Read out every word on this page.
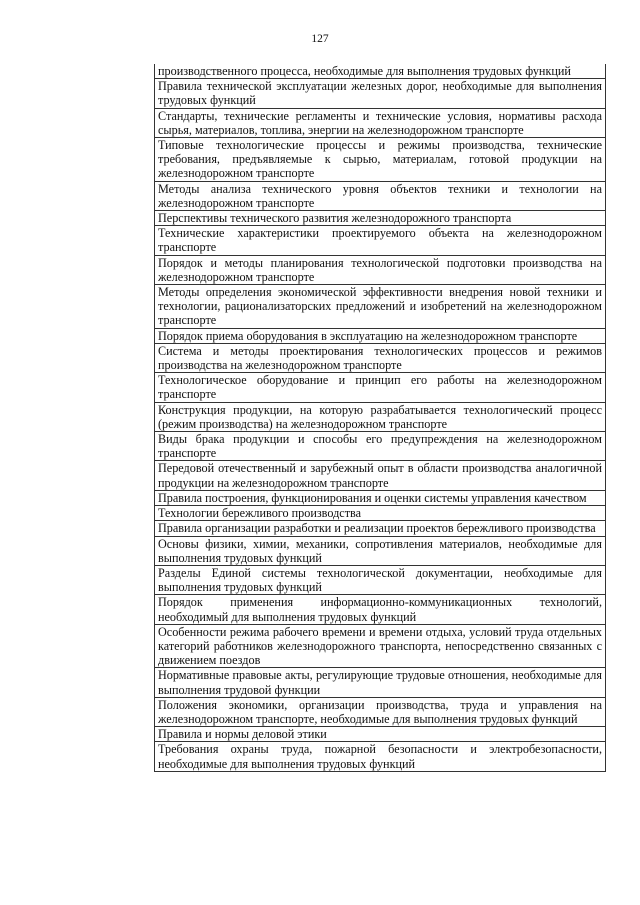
127
	производственного процесса, необходимые для выполнения трудовых функций
Правила технической эксплуатации железных дорог, необходимые для выполнения трудовых функций
Стандарты, технические регламенты и технические условия, нормативы расхода сырья, материалов, топлива, энергии на железнодорожном транспорте
Типовые технологические процессы и режимы производства, технические требования, предъявляемые к сырью, материалам, готовой продукции на железнодорожном транспорте
Методы анализа технического уровня объектов техники и технологии на железнодорожном транспорте
Перспективы технического развития железнодорожного транспорта
Технические характеристики проектируемого объекта на железнодорожном транспорте
Порядок и методы планирования технологической подготовки производства на железнодорожном транспорте
Методы определения экономической эффективности внедрения новой техники и технологии, рационализаторских предложений и изобретений на железнодорожном транспорте
Порядок приема оборудования в эксплуатацию на железнодорожном транспорте
Система и методы проектирования технологических процессов и режимов производства на железнодорожном транспорте
Технологическое оборудование и принцип его работы на железнодорожном транспорте
Конструкция продукции, на которую разрабатывается технологический процесс (режим производства) на железнодорожном транспорте
Виды брака продукции и способы его предупреждения на железнодорожном транспорте
Передовой отечественный и зарубежный опыт в области производства аналогичной продукции на железнодорожном транспорте
Правила построения, функционирования и оценки системы управления качеством
Технологии бережливого производства
Правила организации разработки и реализации проектов бережливого производства
Основы физики, химии, механики, сопротивления материалов, необходимые для выполнения трудовых функций
Разделы Единой системы технологической документации, необходимые для выполнения трудовых функций
Порядок применения информационно-коммуникационных технологий, необходимый для выполнения трудовых функций
Особенности режима рабочего времени и времени отдыха, условий труда отдельных категорий работников железнодорожного транспорта, непосредственно связанных с движением поездов
Нормативные правовые акты, регулирующие трудовые отношения, необходимые для выполнения трудовой функции
Положения экономики, организации производства, труда и управления на железнодорожном транспорте, необходимые для выполнения трудовых функций
Правила и нормы деловой этики
Требования охраны труда, пожарной безопасности и электробезопасности, необходимые для выполнения трудовых функций
